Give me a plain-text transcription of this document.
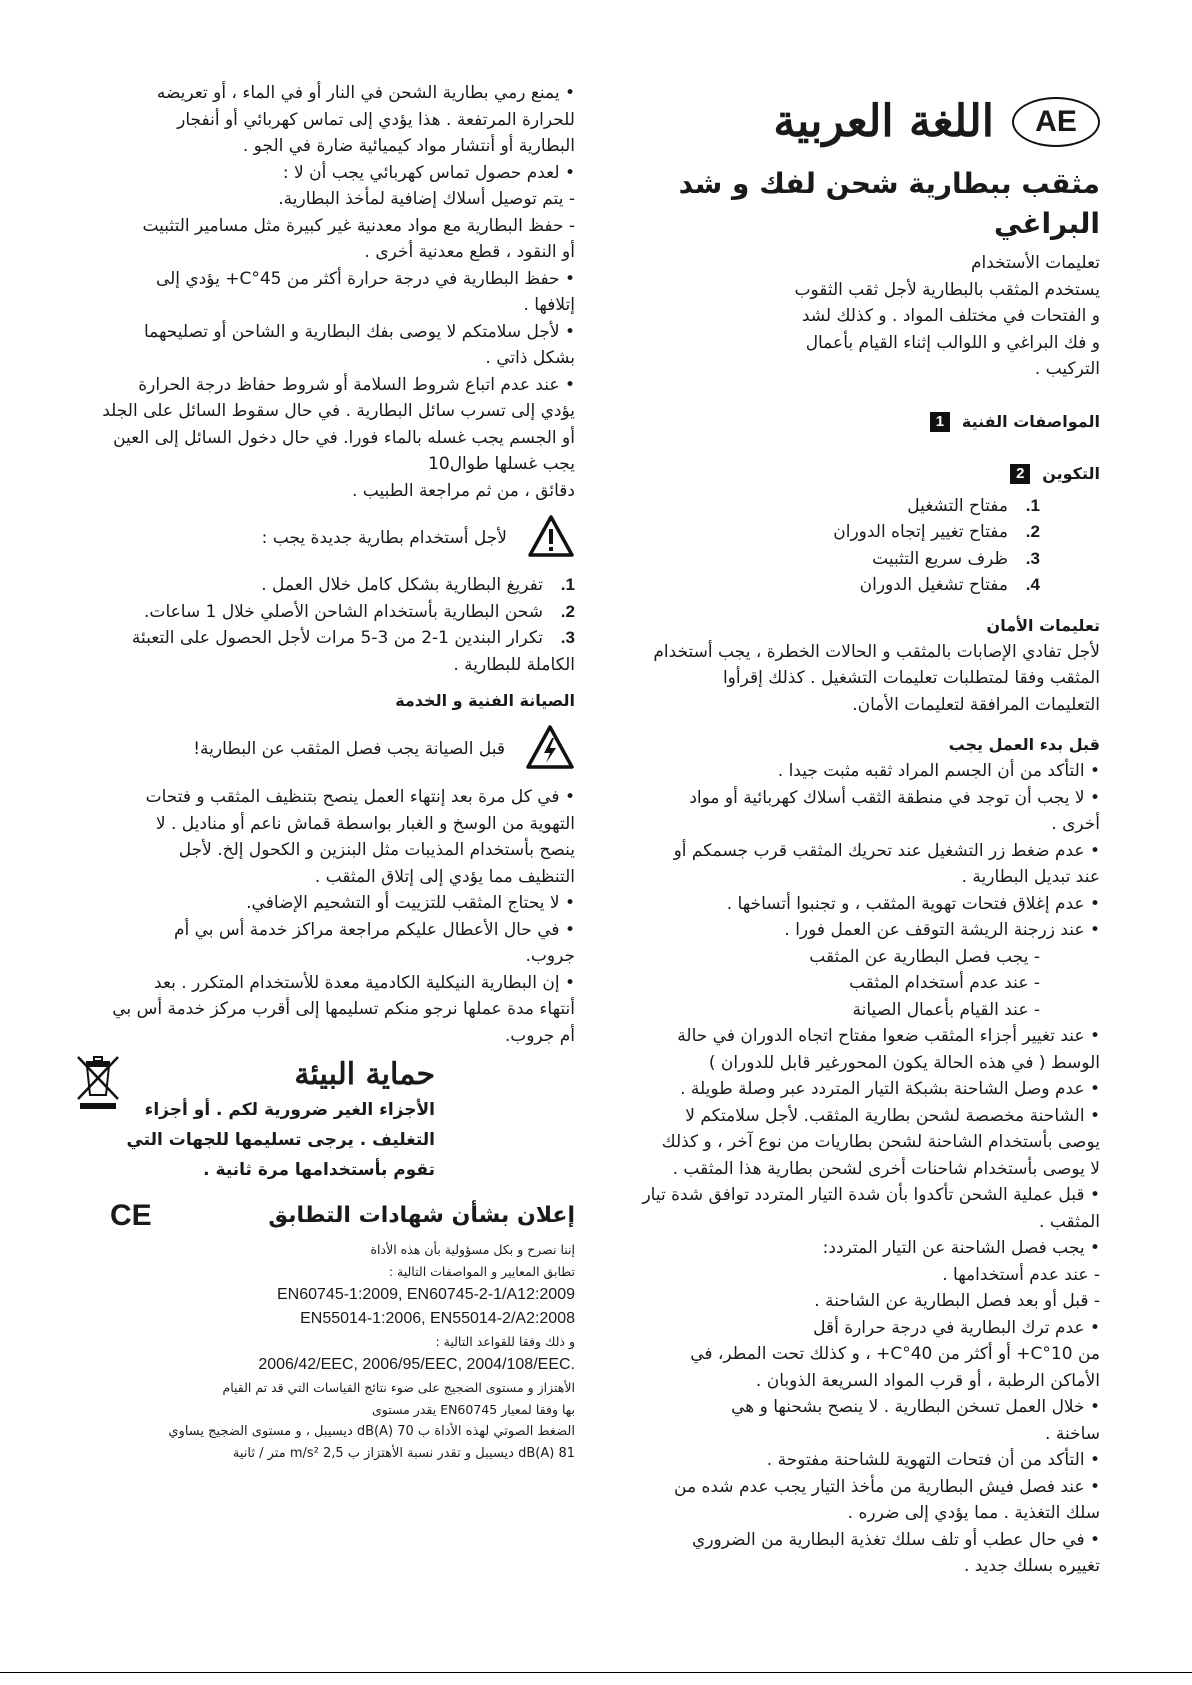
AE
اللغة العربية
مثقب ببطارية شحن لفك و شد البراغي

تعليمات الأستخدام

يستخدم المثقب بالبطارية لأجل ثقب الثقوب

و الفتحات في مختلف المواد . و كذلك لشد

و فك البراغي و اللوالب إثناء القيام بأعمال

التركيب .

المواصفات الفنية
1
التكوين
2
1.مفتاح التشغيل
2.مفتاح تغيير إتجاه الدوران
3.ظرف سريع التثبيت
4.مفتاح تشغيل الدوران
تعليمات الأمان

لأجل تفادي الإصابات بالمثقب و الحالات الخطرة ، يجب أستخدام

المثقب وفقا لمتطلبات تعليمات التشغيل . كذلك إقرأوا

التعليمات المرافقة لتعليمات الأمان.

قبل بدء العمل يجب

• التأكد من أن الجسم المراد ثقبه مثبت جيدا .

• لا يجب أن توجد في منطقة الثقب أسلاك كهربائية أو مواد

أخرى .

• عدم ضغط زر التشغيل عند تحريك المثقب قرب جسمكم أو

عند تبديل البطارية .

• عدم إغلاق فتحات تهوية المثقب ، و تجنبوا أتساخها .

• عند زرجنة الريشة التوقف عن العمل فورا .

- يجب فصل البطارية عن المثقب

- عند عدم أستخدام المثقب

- عند القيام بأعمال الصيانة

• عند تغيير أجزاء المثقب ضعوا مفتاح اتجاه الدوران في حالة

الوسط ( في هذه الحالة يكون المحورغير قابل للدوران )

• عدم وصل الشاحنة بشبكة التيار المتردد عبر وصلة طويلة .

• الشاحنة مخصصة لشحن بطارية المثقب. لأجل سلامتكم لا

يوصى بأستخدام الشاحنة لشحن بطاريات من نوع آخر ، و كذلك

لا يوصى بأستخدام شاحنات أخرى لشحن بطارية هذا المثقب .

• قبل عملية الشحن تأكدوا بأن شدة التيار المتردد توافق شدة تيار

المثقب .

• يجب فصل الشاحنة عن التيار المتردد:

- عند عدم أستخدامها .

- قبل أو بعد فصل البطارية عن الشاحنة .

• عدم ترك البطارية في درجة حرارة أقل

من 10°C+ أو أكثر من 40°C+ ، و كذلك تحت المطر، في

الأماكن الرطبة ، أو قرب المواد السريعة الذوبان .

• خلال العمل تسخن البطارية . لا ينصح بشحنها و هي

ساخنة .

• التأكد من أن فتحات التهوية للشاحنة مفتوحة .

• عند فصل فيش البطارية من مأخذ التيار يجب عدم شده من

سلك التغذية . مما يؤدي إلى ضرره .

• في حال عطب أو تلف سلك تغذية البطارية من الضروري

تغييره بسلك جديد .

• يمنع رمي بطارية الشحن في النار أو في الماء ، أو تعريضه

للحرارة المرتفعة . هذا يؤدي إلى تماس كهربائي أو أنفجار

البطارية أو أنتشار مواد كيميائية ضارة في الجو .

• لعدم حصول تماس كهربائي يجب أن لا :

- يتم توصيل أسلاك إضافية لمأخذ البطارية.

- حفظ البطارية مع مواد معدنية غير كبيرة مثل مسامير التثبيت

أو النقود ، قطع معدنية أخرى .

• حفظ البطارية في درجة حرارة أكثر من 45°C+ يؤدي إلى

إتلافها .

• لأجل سلامتكم لا يوصى بفك البطارية و الشاحن أو تصليحهما

بشكل ذاتي .

• عند عدم اتباع شروط السلامة أو شروط حفاظ درجة الحرارة

يؤدي إلى تسرب سائل البطارية . في حال سقوط السائل على الجلد

أو الجسم يجب غسله بالماء فورا. في حال دخول السائل إلى العين

يجب غسلها طوال10

دقائق ، من ثم مراجعة الطبيب .

لأجل أستخدام بطارية جديدة يجب :
1.تفريغ البطارية بشكل كامل خلال العمل .
2.شحن البطارية بأستخدام الشاحن الأصلي خلال 1 ساعات.
3.تكرار البندين 1-2 من 3-5 مرات لأجل الحصول على التعبئة

الكاملة للبطارية .

الصيانة الفنية و الخدمة
قبل الصيانة يجب فصل المثقب عن البطارية!

• في كل مرة بعد إنتهاء العمل ينصح بتنظيف المثقب و فتحات

التهوية من الوسخ و الغبار بواسطة قماش ناعم أو مناديل . لا

ينصح بأستخدام المذيبات مثل البنزين و الكحول إلخ. لأجل

التنظيف مما يؤدي إلى إتلاق المثقب .

• لا يحتاج المثقب للتزييت أو التشحيم الإضافي.

• في حال الأعطال عليكم مراجعة مراكز خدمة أس بي أم

جروب.

• إن البطارية النيكلية الكادمية معدة للأستخدام المتكرر . بعد

أنتهاء مدة عملها نرجو منكم تسليمها إلى أقرب مركز خدمة أس بي

أم جروب.

حماية البيئة
الأجزاء الغير ضرورية لكم . أو أجزاء
التغليف . يرجى تسليمها للجهات التي
تقوم بأستخدامها مرة ثانية .
إعلان بشأن شهادات التطابق
CE

إننا نصرح و بكل مسؤولية بأن هذه الأداة

تطابق المعايير و المواصفات التالية :

EN60745-1:2009, EN60745-2-1/A12:2009
EN55014-1:2006, EN55014-2/A2:2008

و ذلك وفقا للقواعد التالية :

2006/42/EEC, 2006/95/EEC, 2004/108/EEC.

الأهتزاز و مستوى الضجيج على ضوء نتائج القياسات التي قد تم القيام

بها وفقا لمعيار EN60745 يقدر مستوى

الضغط الصوتي لهذه الأداة ب 70 dB(A) ديسيبل ، و مستوى الضجيج يساوي

81 dB(A) ديسيبل و تقدر نسبة الأهتزاز ب 2,5 m/s² متر / ثانية
